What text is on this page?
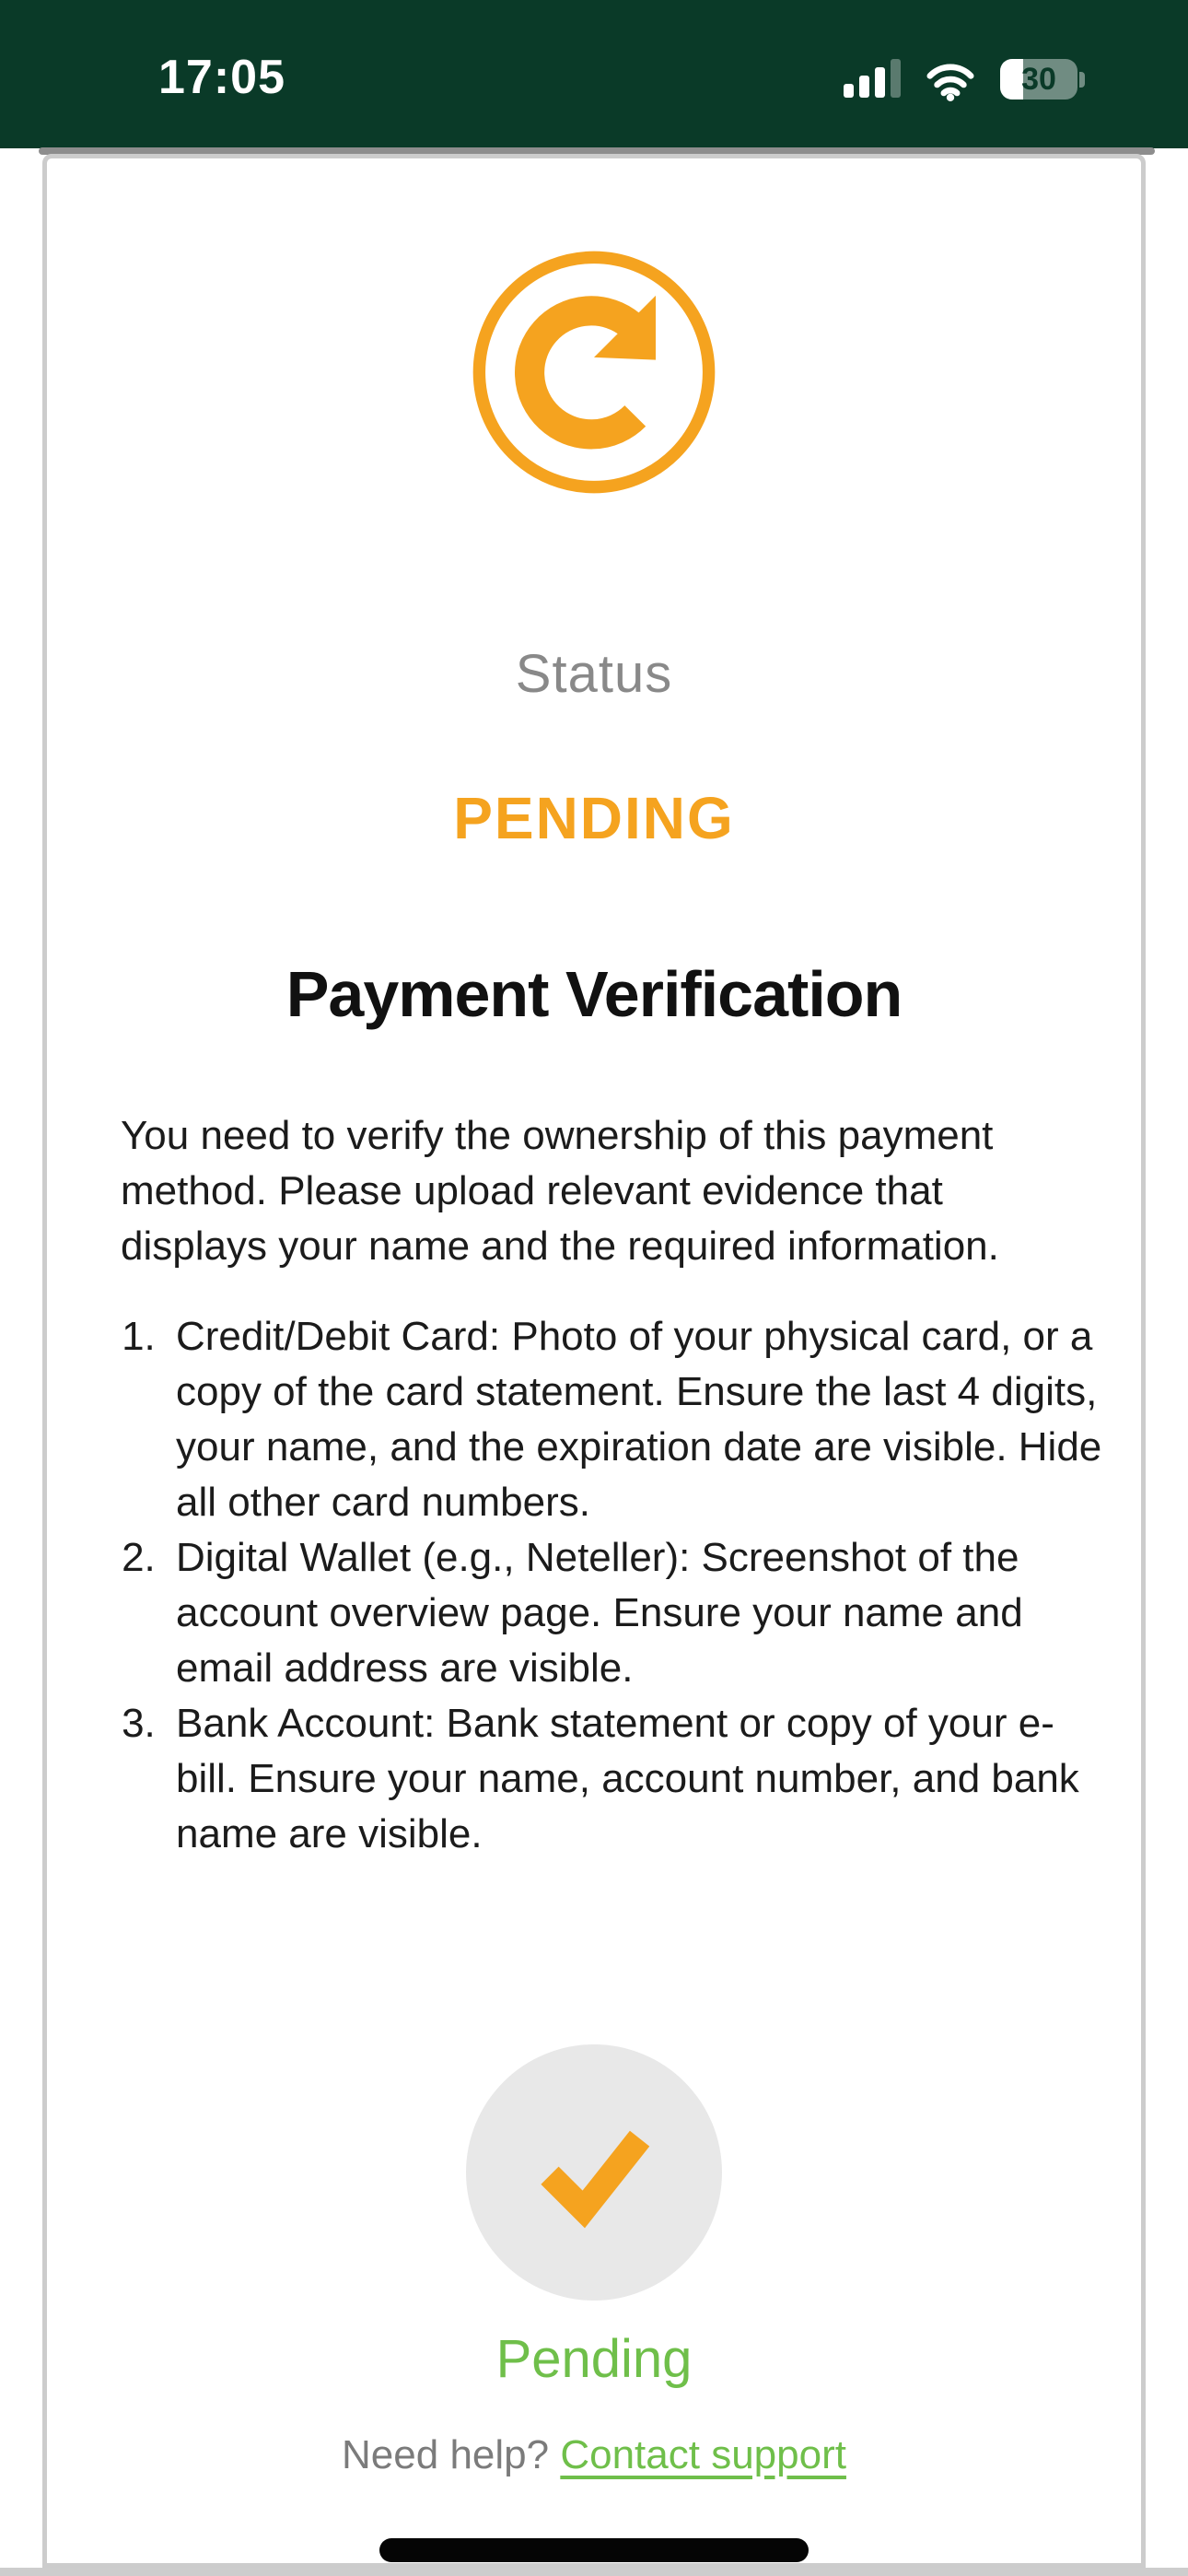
17:05	30
Status
PENDING
Payment Verification

You need to verify the ownership of this payment method. Please upload relevant evidence that displays your name and the required information.

1. Credit/Debit Card: Photo of your physical card, or a copy of the card statement. Ensure the last 4 digits, your name, and the expiration date are visible. Hide all other card numbers.
2. Digital Wallet (e.g., Neteller): Screenshot of the account overview page. Ensure your name and email address are visible.
3. Bank Account: Bank statement or copy of your e-bill. Ensure your name, account number, and bank name are visible.
Pending
Need help? Contact support
